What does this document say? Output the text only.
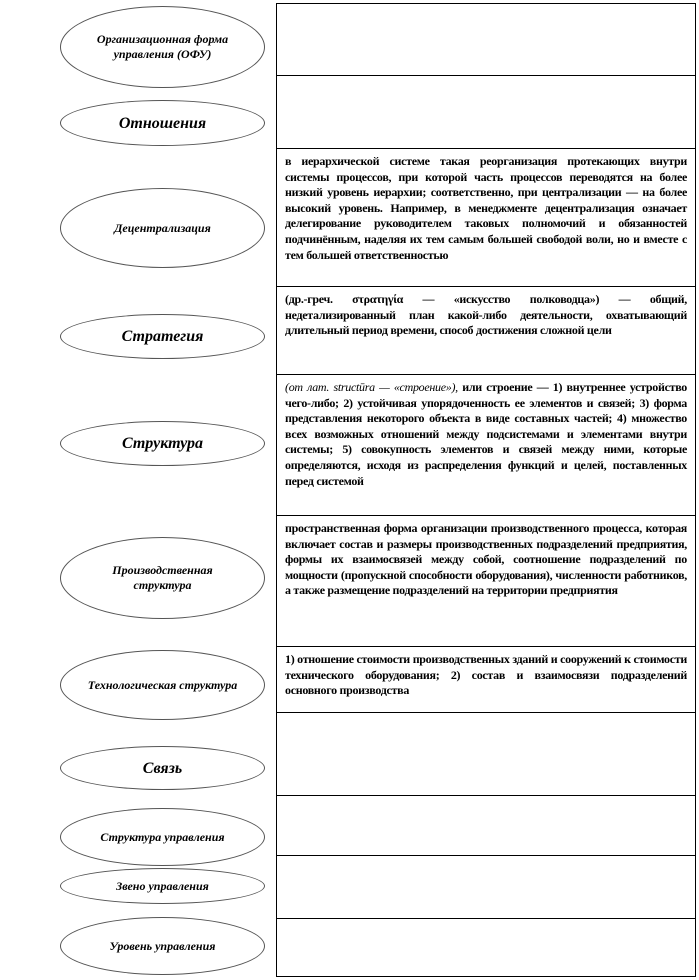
в иерархической системе такая реорганизация протекающих внутри системы процессов, при которой часть процессов переводятся на более низкий уровень иерархии; соответственно, при централизации — на более высокий уровень. Например, в менеджменте децентрализация означает делегирование руководителем таковых полномочий и обязанностей подчинённым, наделяя их тем самым большей свободой воли, но и вместе с тем большей ответственностью
(др.-греч. στρατηγία — «искусство полководца») — общий, недетализированный план какой-либо деятельности, охватывающий длительный период времени, способ достижения сложной цели
(от лат. structūra — «строение»), или строение — 1) внутреннее устройство чего-либо; 2) устойчивая упорядоченность ее элементов и связей; 3) форма представления некоторого объекта в виде составных частей; 4) множество всех возможных отношений между подсистемами и элементами внутри системы; 5) совокупность элементов и связей между ними, которые определяются, исходя из распределения функций и целей, поставленных перед системой
пространственная форма организации производственного процесса, которая включает состав и размеры производственных подразделений предприятия, формы их взаимосвязей между собой, соотношение подразделений по мощности (пропускной способности оборудования), численности работников, а также размещение подразделений на территории предприятия
1) отношение стоимости производственных зданий и сооружений к стоимости технического оборудования; 2) состав и взаимосвязи подразделений основного производства
Организационная форма управления (ОФУ)
Отношения
Децентрализация
Стратегия
Структура
Производственная структура
Технологическая структура
Связь
Структура управления
Звено управления
Уровень управления
